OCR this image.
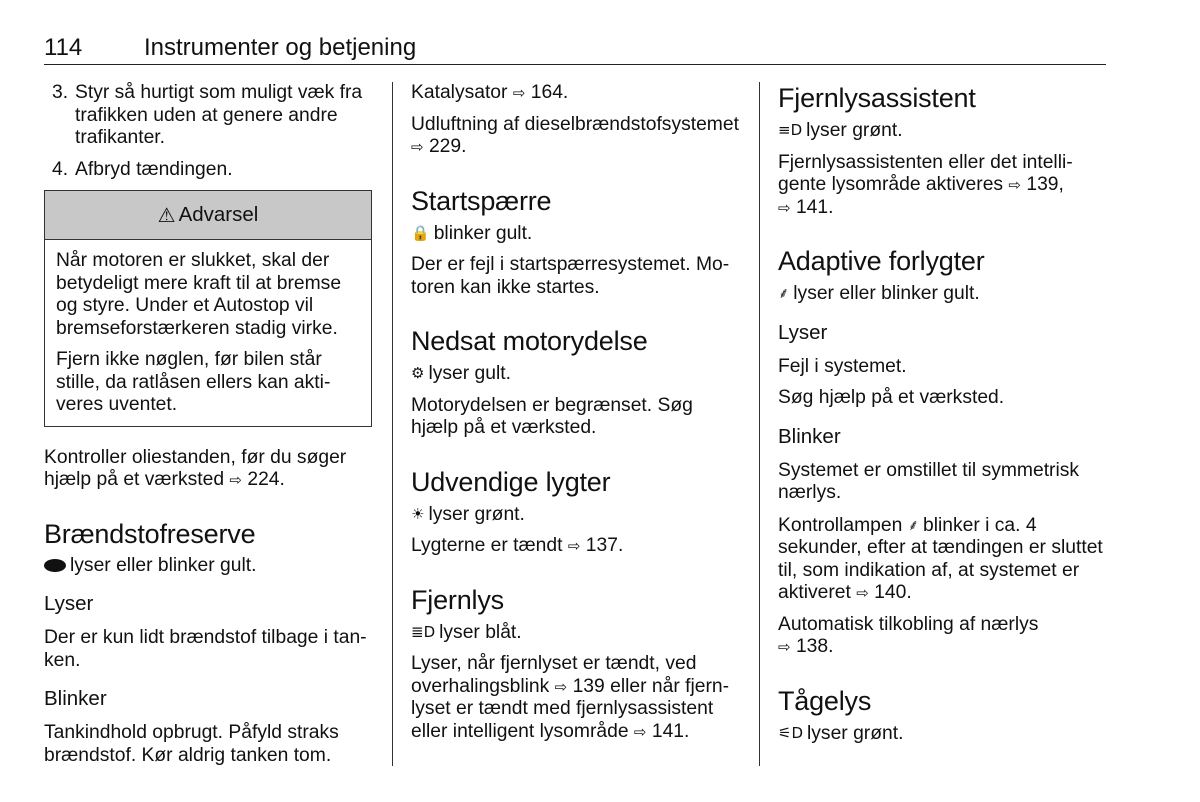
114	Instrumenter og betjening
3. Styr så hurtigt som muligt væk fra trafikken uden at genere andre trafikanter.
4. Afbryd tændingen.
⚠ Advarsel

Når motoren er slukket, skal der betydeligt mere kraft til at bremse og styre. Under et Autostop vil bremseforstærkeren stadig virke.

Fjern ikke nøglen, før bilen står stille, da ratlåsen ellers kan aktiveres uventet.

Kontroller oliestanden, før du søger hjælp på et værksted ⇨ 224.

Brændstofreserve

lyser eller blinker gult.

Lyser

Der er kun lidt brændstof tilbage i tanken.

Blinker

Tankindhold opbrugt. Påfyld straks brændstof. Kør aldrig tanken tom.

Katalysator ⇨ 164.

Udluftning af dieselbrændstofsystemet ⇨ 229.

Startspærre

🔒 blinker gult.

Der er fejl i startspærresystemet. Motoren kan ikke startes.

Nedsat motorydelse

⚙ lyser gult.

Motorydelsen er begrænset. Søg hjælp på et værksted.

Udvendige lygter

☀ lyser grønt.

Lygterne er tændt ⇨ 137.

Fjernlys

≣D lyser blåt.

Lyser, når fjernlyset er tændt, ved overhalingsblink ⇨ 139 eller når fjernlyset er tændt med fjernlysassistent eller intelligent lysområde ⇨ 141.

Fjernlysassistent

≡D lyser grønt.

Fjernlysassistenten eller det intelligente lysområde aktiveres ⇨ 139,
⇨ 141.

Adaptive forlygter

⸙ lyser eller blinker gult.

Lyser

Fejl i systemet.

Søg hjælp på et værksted.

Blinker

Systemet er omstillet til symmetrisk nærlys.

Kontrollampen ⸙ blinker i ca. 4 sekunder, efter at tændingen er sluttet til, som indikation af, at systemet er aktiveret ⇨ 140.

Automatisk tilkobling af nærlys
⇨ 138.

Tågelys

⚟D lyser grønt.
